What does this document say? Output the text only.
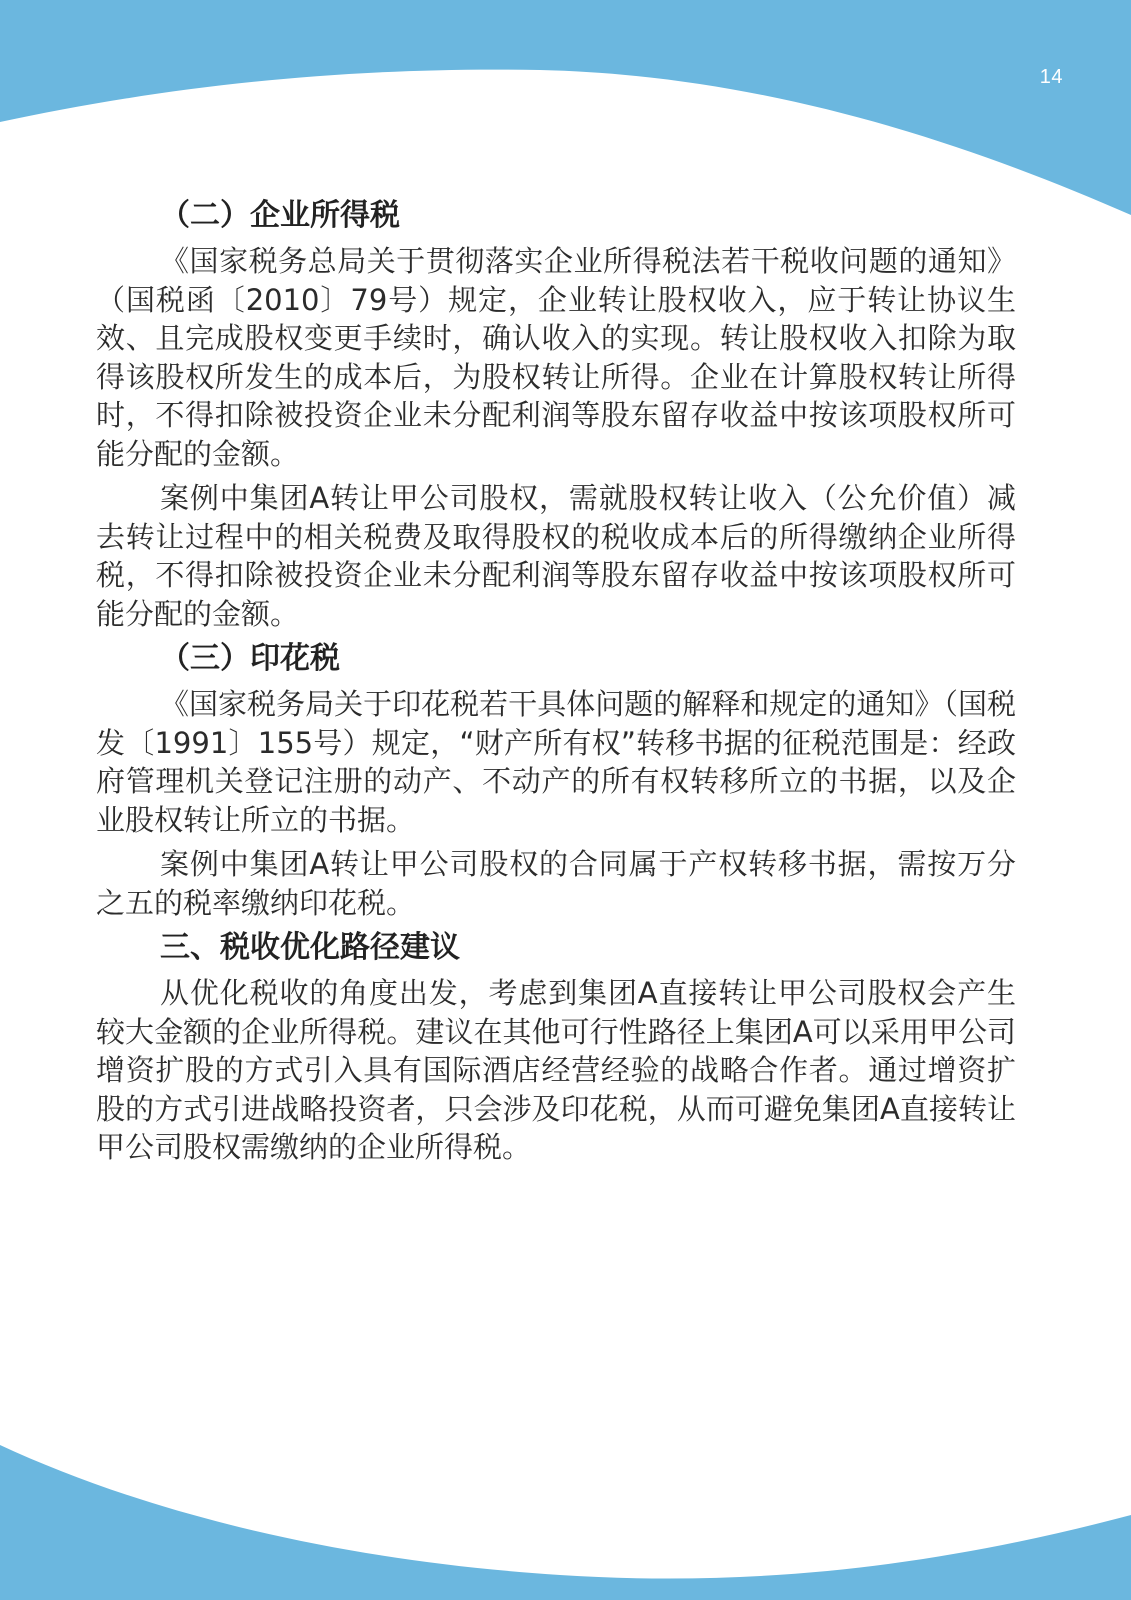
14
（二）企业所得税

《国家税务总局关于贯彻落实企业所得税法若干税收问题的通知》（国税函〔2010〕79号）规定，企业转让股权收入，应于转让协议生效、且完成股权变更手续时，确认收入的实现。转让股权收入扣除为取得该股权所发生的成本后，为股权转让所得。企业在计算股权转让所得时，不得扣除被投资企业未分配利润等股东留存收益中按该项股权所可能分配的金额。

案例中集团A转让甲公司股权，需就股权转让收入（公允价值）减去转让过程中的相关税费及取得股权的税收成本后的所得缴纳企业所得税，不得扣除被投资企业未分配利润等股东留存收益中按该项股权所可能分配的金额。

（三）印花税

《国家税务局关于印花税若干具体问题的解释和规定的通知》（国税发〔1991〕155号）规定，“财产所有权”转移书据的征税范围是：经政府管理机关登记注册的动产、不动产的所有权转移所立的书据，以及企业股权转让所立的书据。

案例中集团A转让甲公司股权的合同属于产权转移书据，需按万分之五的税率缴纳印花税。

三、税收优化路径建议

从优化税收的角度出发，考虑到集团A直接转让甲公司股权会产生较大金额的企业所得税。建议在其他可行性路径上集团A可以采用甲公司增资扩股的方式引入具有国际酒店经营经验的战略合作者。通过增资扩股的方式引进战略投资者，只会涉及印花税，从而可避免集团A直接转让甲公司股权需缴纳的企业所得税。
